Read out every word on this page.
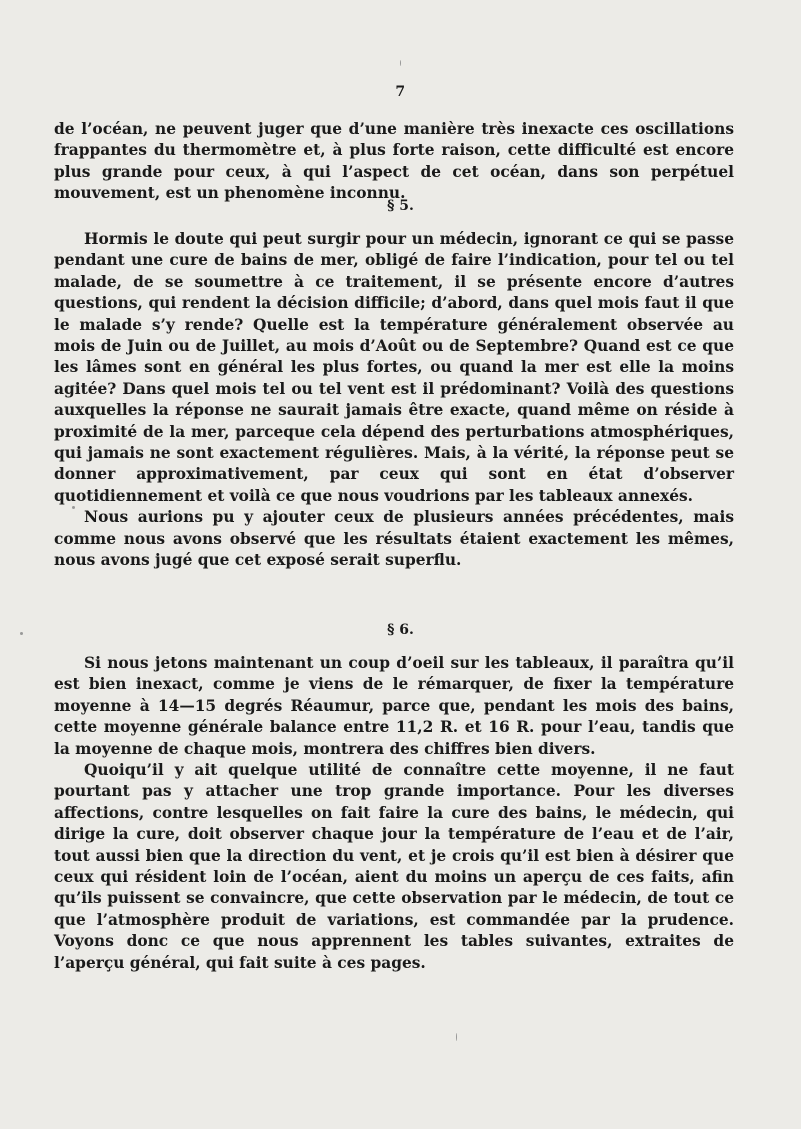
7

de l’océan, ne peuvent juger que d’une manière très inexacte ces oscillations frappantes du thermomètre et, à plus forte raison, cette difficulté est encore plus grande pour ceux, à qui l’aspect de cet océan, dans son perpétuel mouvement, est un phenomène inconnu.

§ 5.

Hormis le doute qui peut surgir pour un médecin, ignorant ce qui se passe pendant une cure de bains de mer, obligé de faire l’indication, pour tel ou tel malade, de se soumettre à ce traitement, il se présente encore d’autres questions, qui rendent la décision difficile; d’abord, dans quel mois faut il que le malade s’y rende? Quelle est la température généralement observée au mois de Juin ou de Juillet, au mois d’Août ou de Septembre? Quand est ce que les lâmes sont en général les plus fortes, ou quand la mer est elle la moins agitée? Dans quel mois tel ou tel vent est il prédominant? Voilà des questions auxquelles la réponse ne saurait jamais être exacte, quand même on réside à proximité de la mer, parceque cela dépend des perturbations atmosphériques, qui jamais ne sont exactement régulières. Mais, à la vérité, la réponse peut se donner approximativement, par ceux qui sont en état d’observer quotidiennement et voilà ce que nous voudrions par les tableaux annexés.

Nous aurions pu y ajouter ceux de plusieurs années précédentes, mais comme nous avons observé que les résultats étaient exactement les mêmes, nous avons jugé que cet exposé serait superflu.

§ 6.

Si nous jetons maintenant un coup d’oeil sur les tableaux, il paraîtra qu’il est bien inexact, comme je viens de le rémarquer, de fixer la température moyenne à 14—15 degrés Réaumur, parce que, pendant les mois des bains, cette moyenne générale balance entre 11,2 R. et 16 R. pour l’eau, tandis que la moyenne de chaque mois, montrera des chiffres bien divers.

Quoiqu’il y ait quelque utilité de connaître cette moyenne, il ne faut pourtant pas y attacher une trop grande importance. Pour les diverses affections, contre lesquelles on fait faire la cure des bains, le médecin, qui dirige la cure, doit observer chaque jour la température de l’eau et de l’air, tout aussi bien que la direction du vent, et je crois qu’il est bien à désirer que ceux qui résident loin de l’océan, aient du moins un aperçu de ces faits, afin qu’ils puissent se convaincre, que cette observation par le médecin, de tout ce que l’atmosphère produit de variations, est commandée par la prudence. Voyons donc ce que nous apprennent les tables suivantes, extraites de l’aperçu général, qui fait suite à ces pages.
